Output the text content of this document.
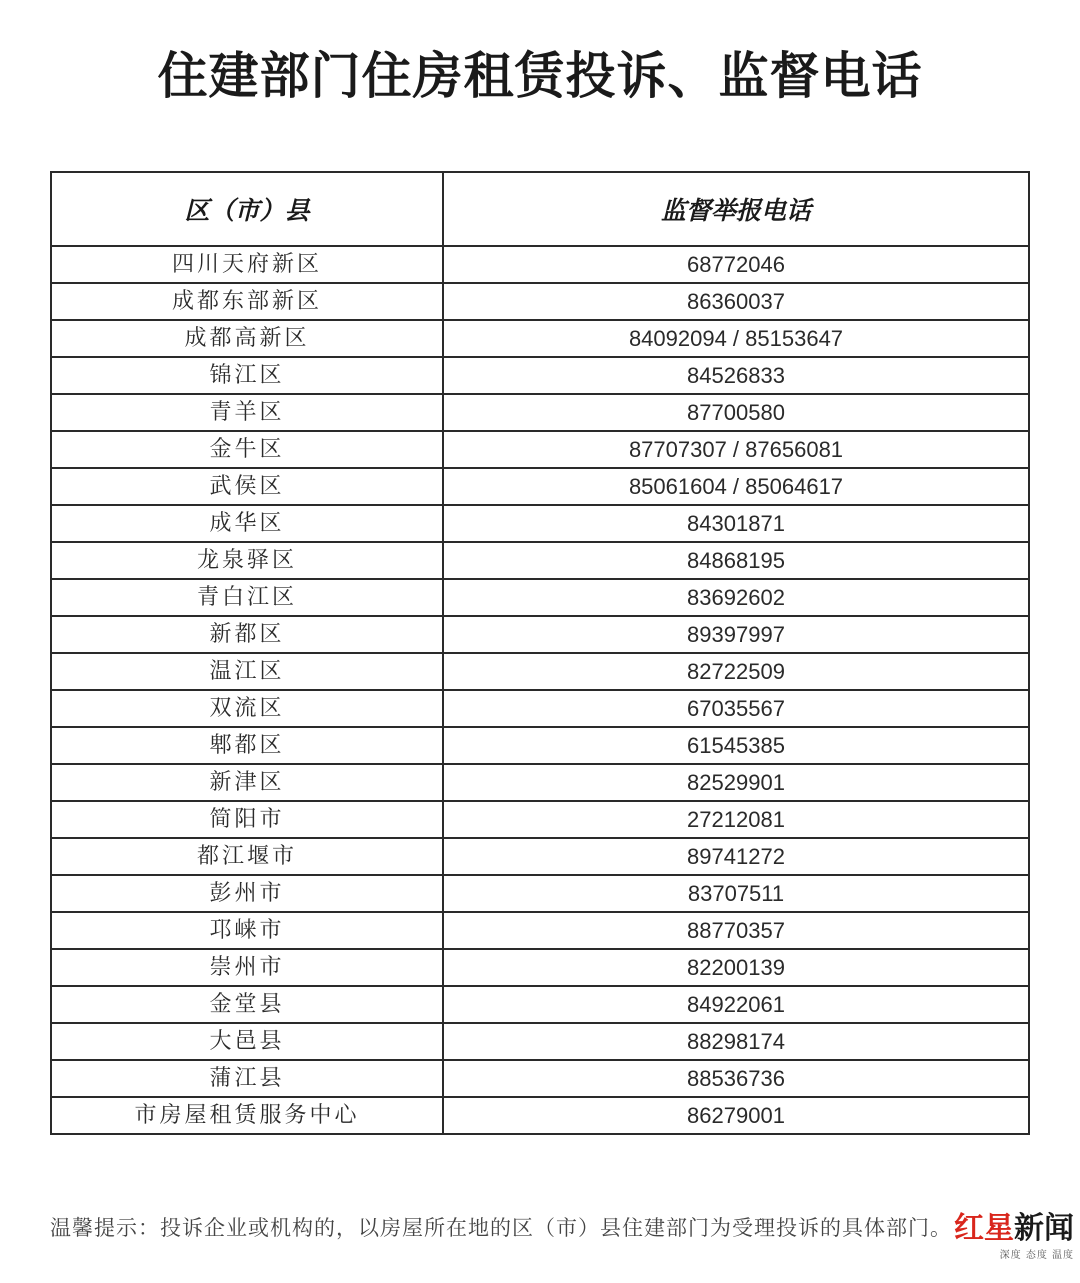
住建部门住房租赁投诉、监督电话
区（市）县	监督举报电话
四川天府新区	68772046
成都东部新区	86360037
成都高新区	84092094 / 85153647
锦江区	84526833
青羊区	87700580
金牛区	87707307 / 87656081
武侯区	85061604 / 85064617
成华区	84301871
龙泉驿区	84868195
青白江区	83692602
新都区	89397997
温江区	82722509
双流区	67035567
郫都区	61545385
新津区	82529901
简阳市	27212081
都江堰市	89741272
彭州市	83707511
邛崃市	88770357
崇州市	82200139
金堂县	84922061
大邑县	88298174
蒲江县	88536736
市房屋租赁服务中心	86279001

温馨提示：投诉企业或机构的，以房屋所在地的区（市）县住建部门为受理投诉的具体部门。 红星新闻
深度 态度 温度
